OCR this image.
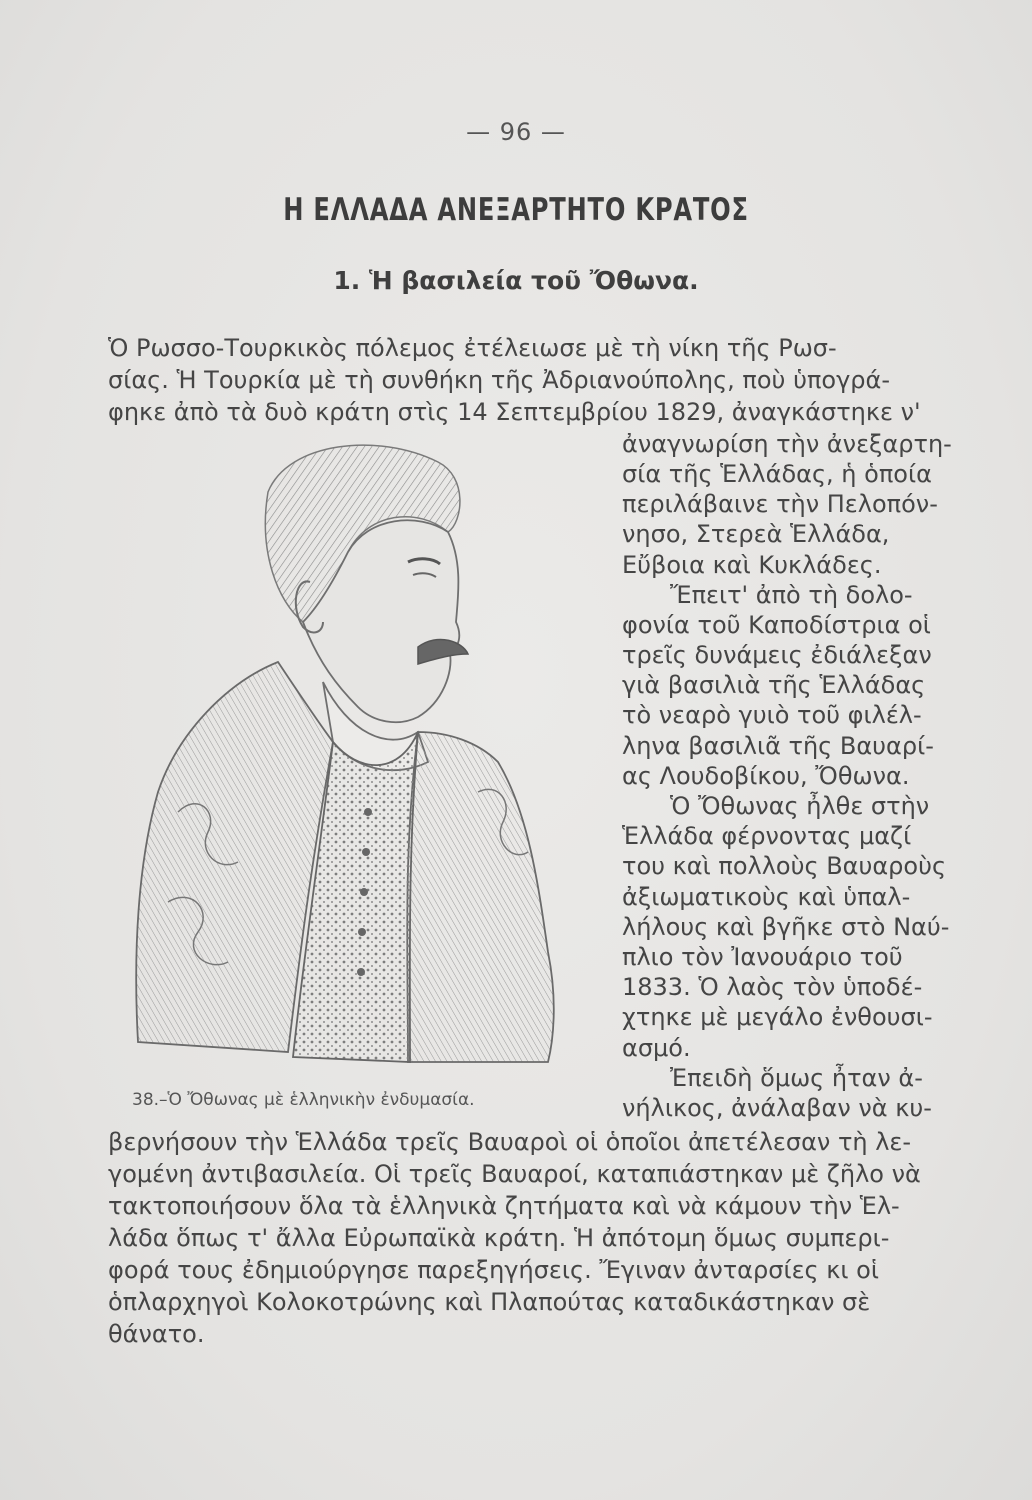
— 96 —
Η ΕΛΛΑΔΑ ΑΝΕΞΑΡΤΗΤΟ ΚΡΑΤΟΣ
1. Ἡ βασιλεία τοῦ Ὄθωνα.
Ὁ Ρωσσο-Τουρκικὸς πόλεμος ἐτέλειωσε μὲ τὴ νίκη τῆς Ρωσ-
σίας. Ἡ Τουρκία μὲ τὴ συνθήκη τῆς Ἀδριανούπολης, ποὺ ὑπογρά-
φηκε ἀπὸ τὰ δυὸ κράτη στὶς 14 Σεπτεμβρίου 1829, ἀναγκάστηκε ν'
ἀναγνωρίση τὴν ἀνεξαρτη-
σία τῆς Ἑλλάδας, ἡ ὁποία
περιλάβαινε τὴν Πελοπόν-
νησο, Στερεὰ Ἑλλάδα,
Εὔβοια καὶ Κυκλάδες.
Ἔπειτ' ἀπὸ τὴ δολο-
φονία τοῦ Καποδίστρια οἱ
τρεῖς δυνάμεις ἐδιάλεξαν
γιὰ βασιλιὰ τῆς Ἑλλάδας
τὸ νεαρὸ γυιὸ τοῦ φιλέλ-
ληνα βασιλιᾶ τῆς Βαυαρί-
ας Λουδοβίκου, Ὄθωνα.
Ὁ Ὄθωνας ἦλθε στὴν
Ἑλλάδα φέρνοντας μαζί
του καὶ πολλοὺς Βαυαροὺς
ἀξιωματικοὺς καὶ ὑπαλ-
λήλους καὶ βγῆκε στὸ Ναύ-
πλιο τὸν Ἰανουάριο τοῦ
1833. Ὁ λαὸς τὸν ὑποδέ-
χτηκε μὲ μεγάλο ἐνθουσι-
ασμό.
Ἐπειδὴ ὅμως ἦταν ἀ-
νήλικος, ἀνάλαβαν νὰ κυ-
βερνήσουν τὴν Ἑλλάδα τρεῖς Βαυαροὶ οἱ ὁποῖοι ἀπετέλεσαν τὴ λε-
γομένη ἀντιβασιλεία. Οἱ τρεῖς Βαυαροί, καταπιάστηκαν μὲ ζῆλο νὰ
τακτοποιήσουν ὅλα τὰ ἑλληνικὰ ζητήματα καὶ νὰ κάμουν τὴν Ἑλ-
λάδα ὅπως τ' ἄλλα Εὐρωπαϊκὰ κράτη. Ἡ ἀπότομη ὅμως συμπερι-
φορά τους ἐδημιούργησε παρεξηγήσεις. Ἔγιναν ἀνταρσίες κι οἱ
ὁπλαρχηγοὶ Κολοκοτρώνης καὶ Πλαπούτας καταδικάστηκαν σὲ
θάνατο.
38.–Ὁ Ὄθωνας μὲ ἑλληνικὴν ἐνδυμασία.
